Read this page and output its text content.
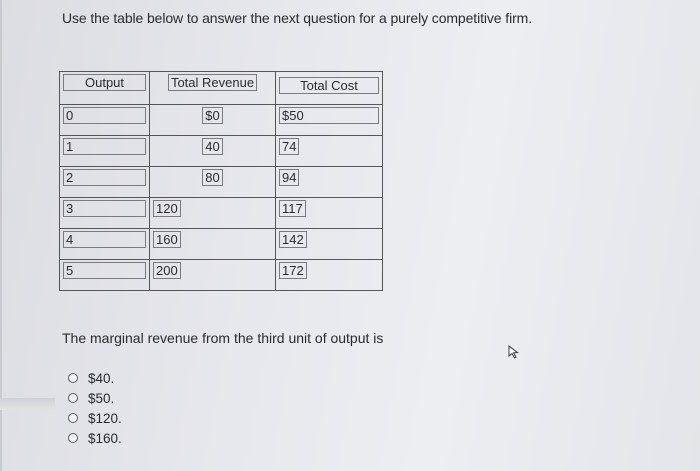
Use the table below to answer the next question for a purely competitive firm.
Output	Total Revenue	Total Cost

0	$0	$50

1	40	74

2	80	94

3	120	117

4	160	142

5	200	172
The marginal revenue from the third unit of output is
$40.
$50.
$120.
$160.
